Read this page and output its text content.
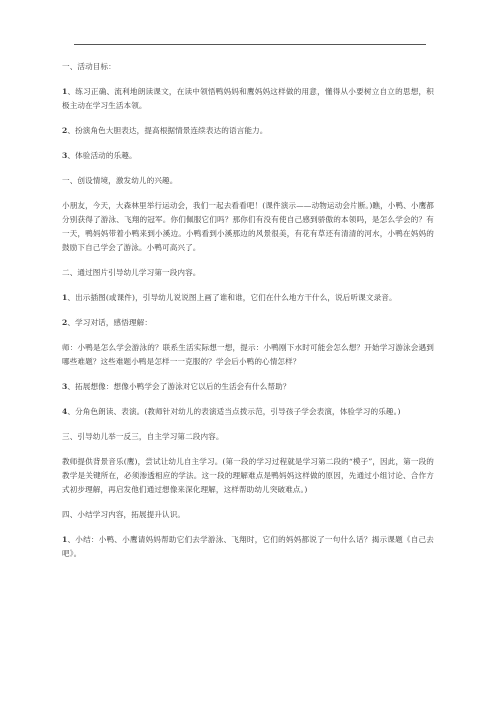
一、活动目标：

1、练习正确、流利地朗读课文，在读中领悟鸭妈妈和鹰妈妈这样做的用意，懂得从小要树立自立的思想，积极主动在学习生活本领。

2、扮演角色大胆表达，提高根据情景连续表达的语言能力。

3、体验活动的乐趣。

一、创设情境，激发幼儿的兴趣。

小朋友，今天，大森林里举行运动会，我们一起去看看吧！(课件演示——动物运动会片断。)瞧，小鸭、小鹰都分别获得了游泳、飞翔的冠军。你们佩服它们吗？那你们有没有使自己感到骄傲的本领吗，是怎么学会的？有一天，鸭妈妈带着小鸭来到小溪边。小鸭看到小溪那边的风景很美，有花有草还有清清的河水，小鸭在妈妈的鼓励下自己学会了游泳。小鸭可高兴了。

二、通过图片引导幼儿学习第一段内容。

1、出示插图(或课件)，引导幼儿说说图上画了谁和谁，它们在什么地方干什么，说后听课文录音。

2、学习对话，感悟理解：

师：小鸭是怎么学会游泳的？联系生活实际想一想，提示：小鸭刚下水时可能会怎么想？开始学习游泳会遇到哪些难题？这些难题小鸭是怎样一一克服的？学会后小鸭的心情怎样？

3、拓展想像：想像小鸭学会了游泳对它以后的生活会有什么帮助？

4、分角色朗读、表演。(教师针对幼儿的表演适当点拨示范，引导孩子学会表演，体验学习的乐趣。)

三、引导幼儿举一反三，自主学习第二段内容。

教师提供背景音乐(鹰)，尝试让幼儿自主学习。(第一段的学习过程就是学习第二段的“模子”，因此，第一段的教学是关键所在，必须渗透相应的学法。这一段的理解难点是鸭妈妈这样做的原因，先通过小组讨论、合作方式初步理解，再启发他们通过想像来深化理解，这样帮助幼儿突破难点。)

四、小结学习内容，拓展提升认识。

1、小结：小鸭、小鹰请妈妈帮助它们去学游泳、飞翔时，它们的妈妈都说了一句什么话？揭示课题《自己去吧》。
